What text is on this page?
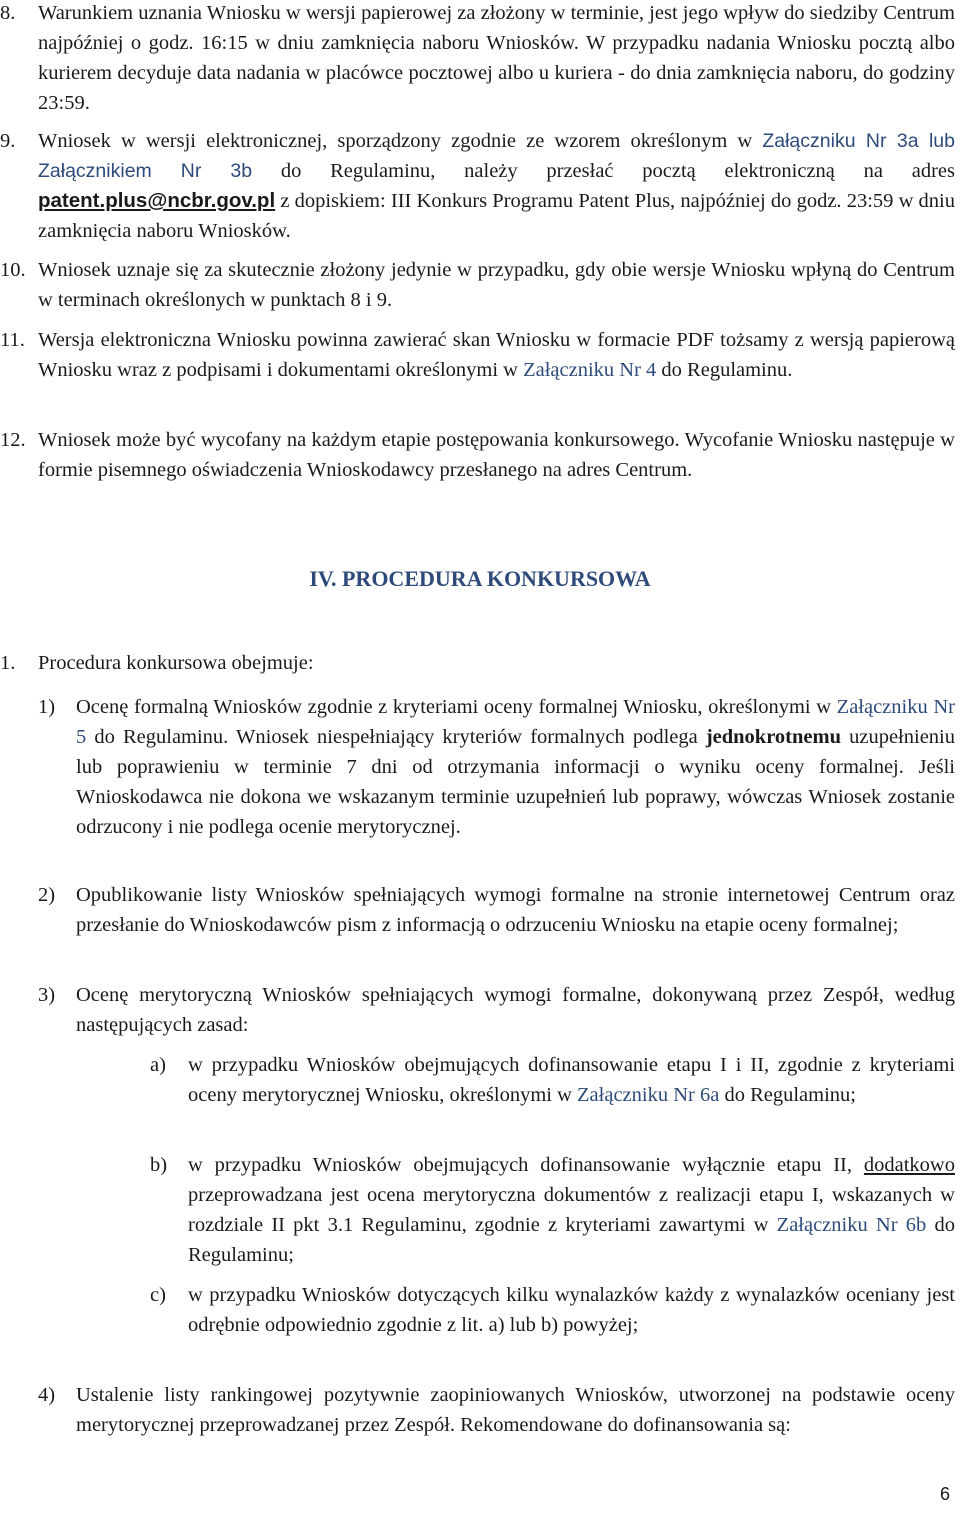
8. Warunkiem uznania Wniosku w wersji papierowej za złożony w terminie, jest jego wpływ do siedziby Centrum najpóźniej o godz. 16:15 w dniu zamknięcia naboru Wniosków. W przypadku nadania Wniosku pocztą albo kurierem decyduje data nadania w placówce pocztowej albo u kuriera - do dnia zamknięcia naboru, do godziny 23:59.
9. Wniosek w wersji elektronicznej, sporządzony zgodnie ze wzorem określonym w Załączniku Nr 3a lub Załącznikiem Nr 3b do Regulaminu, należy przesłać pocztą elektroniczną na adres patent.plus@ncbr.gov.pl z dopiskiem: III Konkurs Programu Patent Plus, najpóźniej do godz. 23:59 w dniu zamknięcia naboru Wniosków.
10. Wniosek uznaje się za skutecznie złożony jedynie w przypadku, gdy obie wersje Wniosku wpłyną do Centrum w terminach określonych w punktach 8 i 9.
11. Wersja elektroniczna Wniosku powinna zawierać skan Wniosku w formacie PDF tożsamy z wersją papierową Wniosku wraz z podpisami i dokumentami określonymi w Załączniku Nr 4 do Regulaminu.
12. Wniosek może być wycofany na każdym etapie postępowania konkursowego. Wycofanie Wniosku następuje w formie pisemnego oświadczenia Wnioskodawcy przesłanego na adres Centrum.
IV. PROCEDURA KONKURSOWA
1. Procedura konkursowa obejmuje:
1) Ocenę formalną Wniosków zgodnie z kryteriami oceny formalnej Wniosku, określonymi w Załączniku Nr 5 do Regulaminu. Wniosek niespełniający kryteriów formalnych podlega jednokrotnemu uzupełnieniu lub poprawieniu w terminie 7 dni od otrzymania informacji o wyniku oceny formalnej. Jeśli Wnioskodawca nie dokona we wskazanym terminie uzupełnień lub poprawy, wówczas Wniosek zostanie odrzucony i nie podlega ocenie merytorycznej.
2) Opublikowanie listy Wniosków spełniających wymogi formalne na stronie internetowej Centrum oraz przesłanie do Wnioskodawców pism z informacją o odrzuceniu Wniosku na etapie oceny formalnej;
3) Ocenę merytoryczną Wniosków spełniających wymogi formalne, dokonywaną przez Zespół, według następujących zasad:
a) w przypadku Wniosków obejmujących dofinansowanie etapu I i II, zgodnie z kryteriami oceny merytorycznej Wniosku, określonymi w Załączniku Nr 6a do Regulaminu;
b) w przypadku Wniosków obejmujących dofinansowanie wyłącznie etapu II, dodatkowo przeprowadzana jest ocena merytoryczna dokumentów z realizacji etapu I, wskazanych w rozdziale II pkt 3.1 Regulaminu, zgodnie z kryteriami zawartymi w Załączniku Nr 6b do Regulaminu;
c) w przypadku Wniosków dotyczących kilku wynalazków każdy z wynalazków oceniany jest odrębnie odpowiednio zgodnie z lit. a) lub b) powyżej;
4) Ustalenie listy rankingowej pozytywnie zaopiniowanych Wniosków, utworzonej na podstawie oceny merytorycznej przeprowadzanej przez Zespół. Rekomendowane do dofinansowania są:
6
